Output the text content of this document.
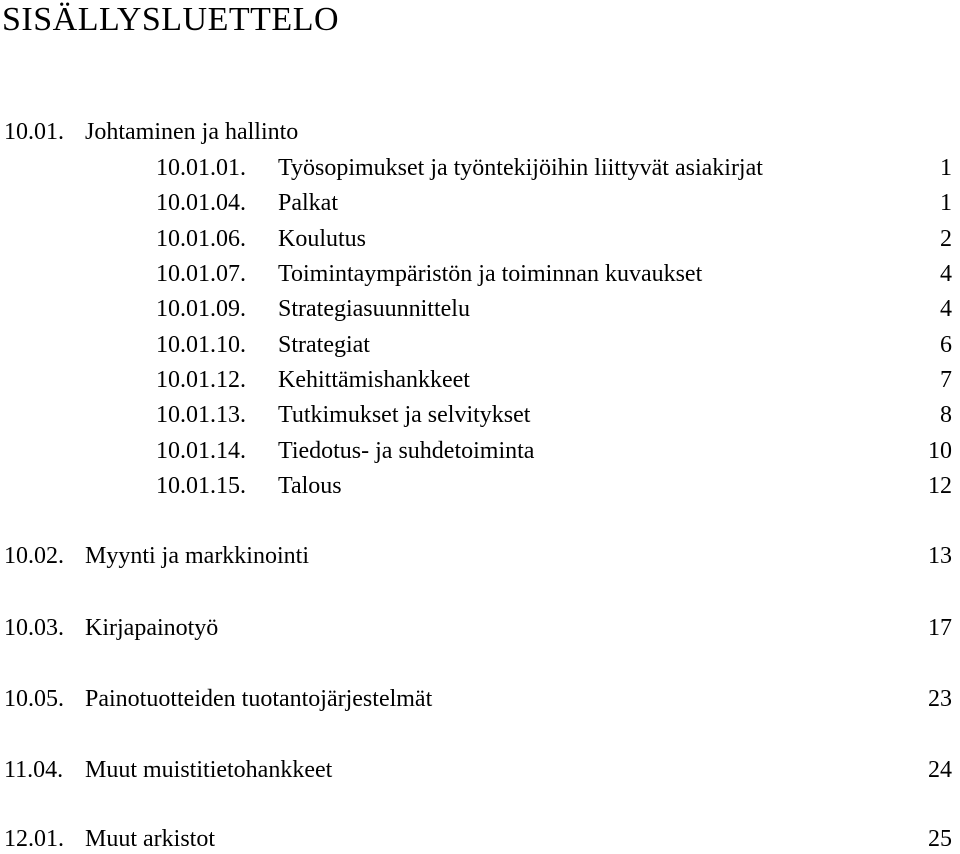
SISÄLLYSLUETTELO
10.01. Johtaminen ja hallinto
10.01.01. Työsopimukset ja työntekijöihin liittyvät asiakirjat	1
10.01.04. Palkat	1
10.01.06. Koulutus	2
10.01.07. Toimintaympäristön ja toiminnan kuvaukset	4
10.01.09. Strategiasuunnittelu	4
10.01.10. Strategiat	6
10.01.12. Kehittämishankkeet	7
10.01.13. Tutkimukset ja selvitykset	8
10.01.14. Tiedotus- ja suhdetoiminta	10
10.01.15. Talous	12
10.02. Myynti ja markkinointi	13
10.03. Kirjapainotyö	17
10.05. Painotuotteiden tuotantojärjestelmät	23
11.04. Muut muistitietohankkeet	24
12.01. Muut arkistot	25
